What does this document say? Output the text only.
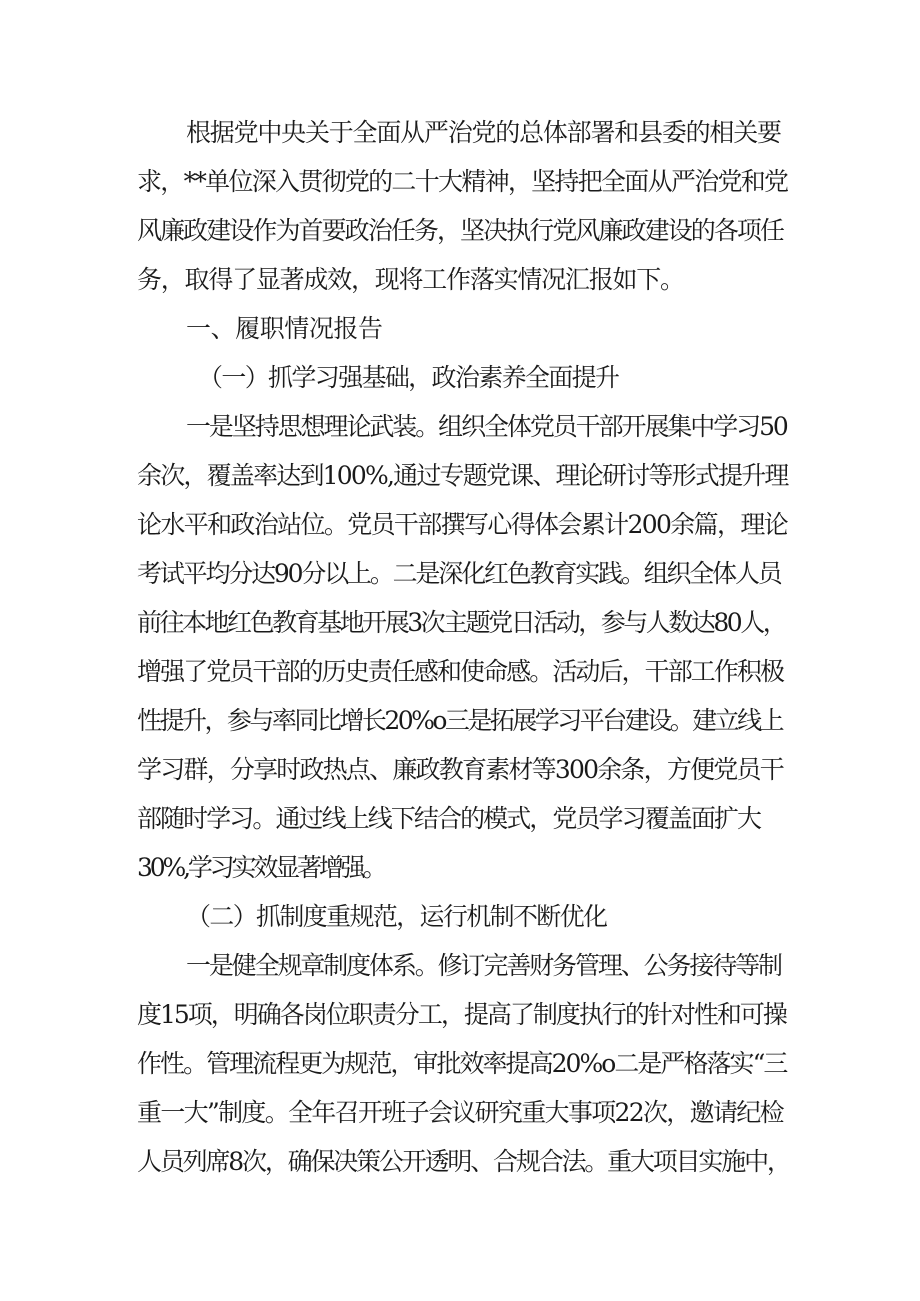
根据党中央关于全面从严治党的总体部署和县委的相关要
求，**单位深入贯彻党的二十大精神，坚持把全面从严治党和党
风廉政建设作为首要政治任务，坚决执行党风廉政建设的各项任
务，取得了显著成效，现将工作落实情况汇报如下。
一、履职情况报告
（一）抓学习强基础，政治素养全面提升
一是坚持思想理论武装。组织全体党员干部开展集中学习50
余次，覆盖率达到100%,通过专题党课、理论研讨等形式提升理
论水平和政治站位。党员干部撰写心得体会累计200余篇，理论
考试平均分达90分以上。二是深化红色教育实践。组织全体人员
前往本地红色教育基地开展3次主题党日活动，参与人数达80人，
增强了党员干部的历史责任感和使命感。活动后，干部工作积极
性提升，参与率同比增长20%o三是拓展学习平台建设。建立线上
学习群，分享时政热点、廉政教育素材等300余条，方便党员干
部随时学习。通过线上线下结合的模式，党员学习覆盖面扩大
30%,学习实效显著增强。
（二）抓制度重规范，运行机制不断优化
一是健全规章制度体系。修订完善财务管理、公务接待等制
度15项，明确各岗位职责分工，提高了制度执行的针对性和可操
作性。管理流程更为规范，审批效率提高20%o二是严格落实“三
重一大”制度。全年召开班子会议研究重大事项22次，邀请纪检
人员列席8次，确保决策公开透明、合规合法。重大项目实施中，
